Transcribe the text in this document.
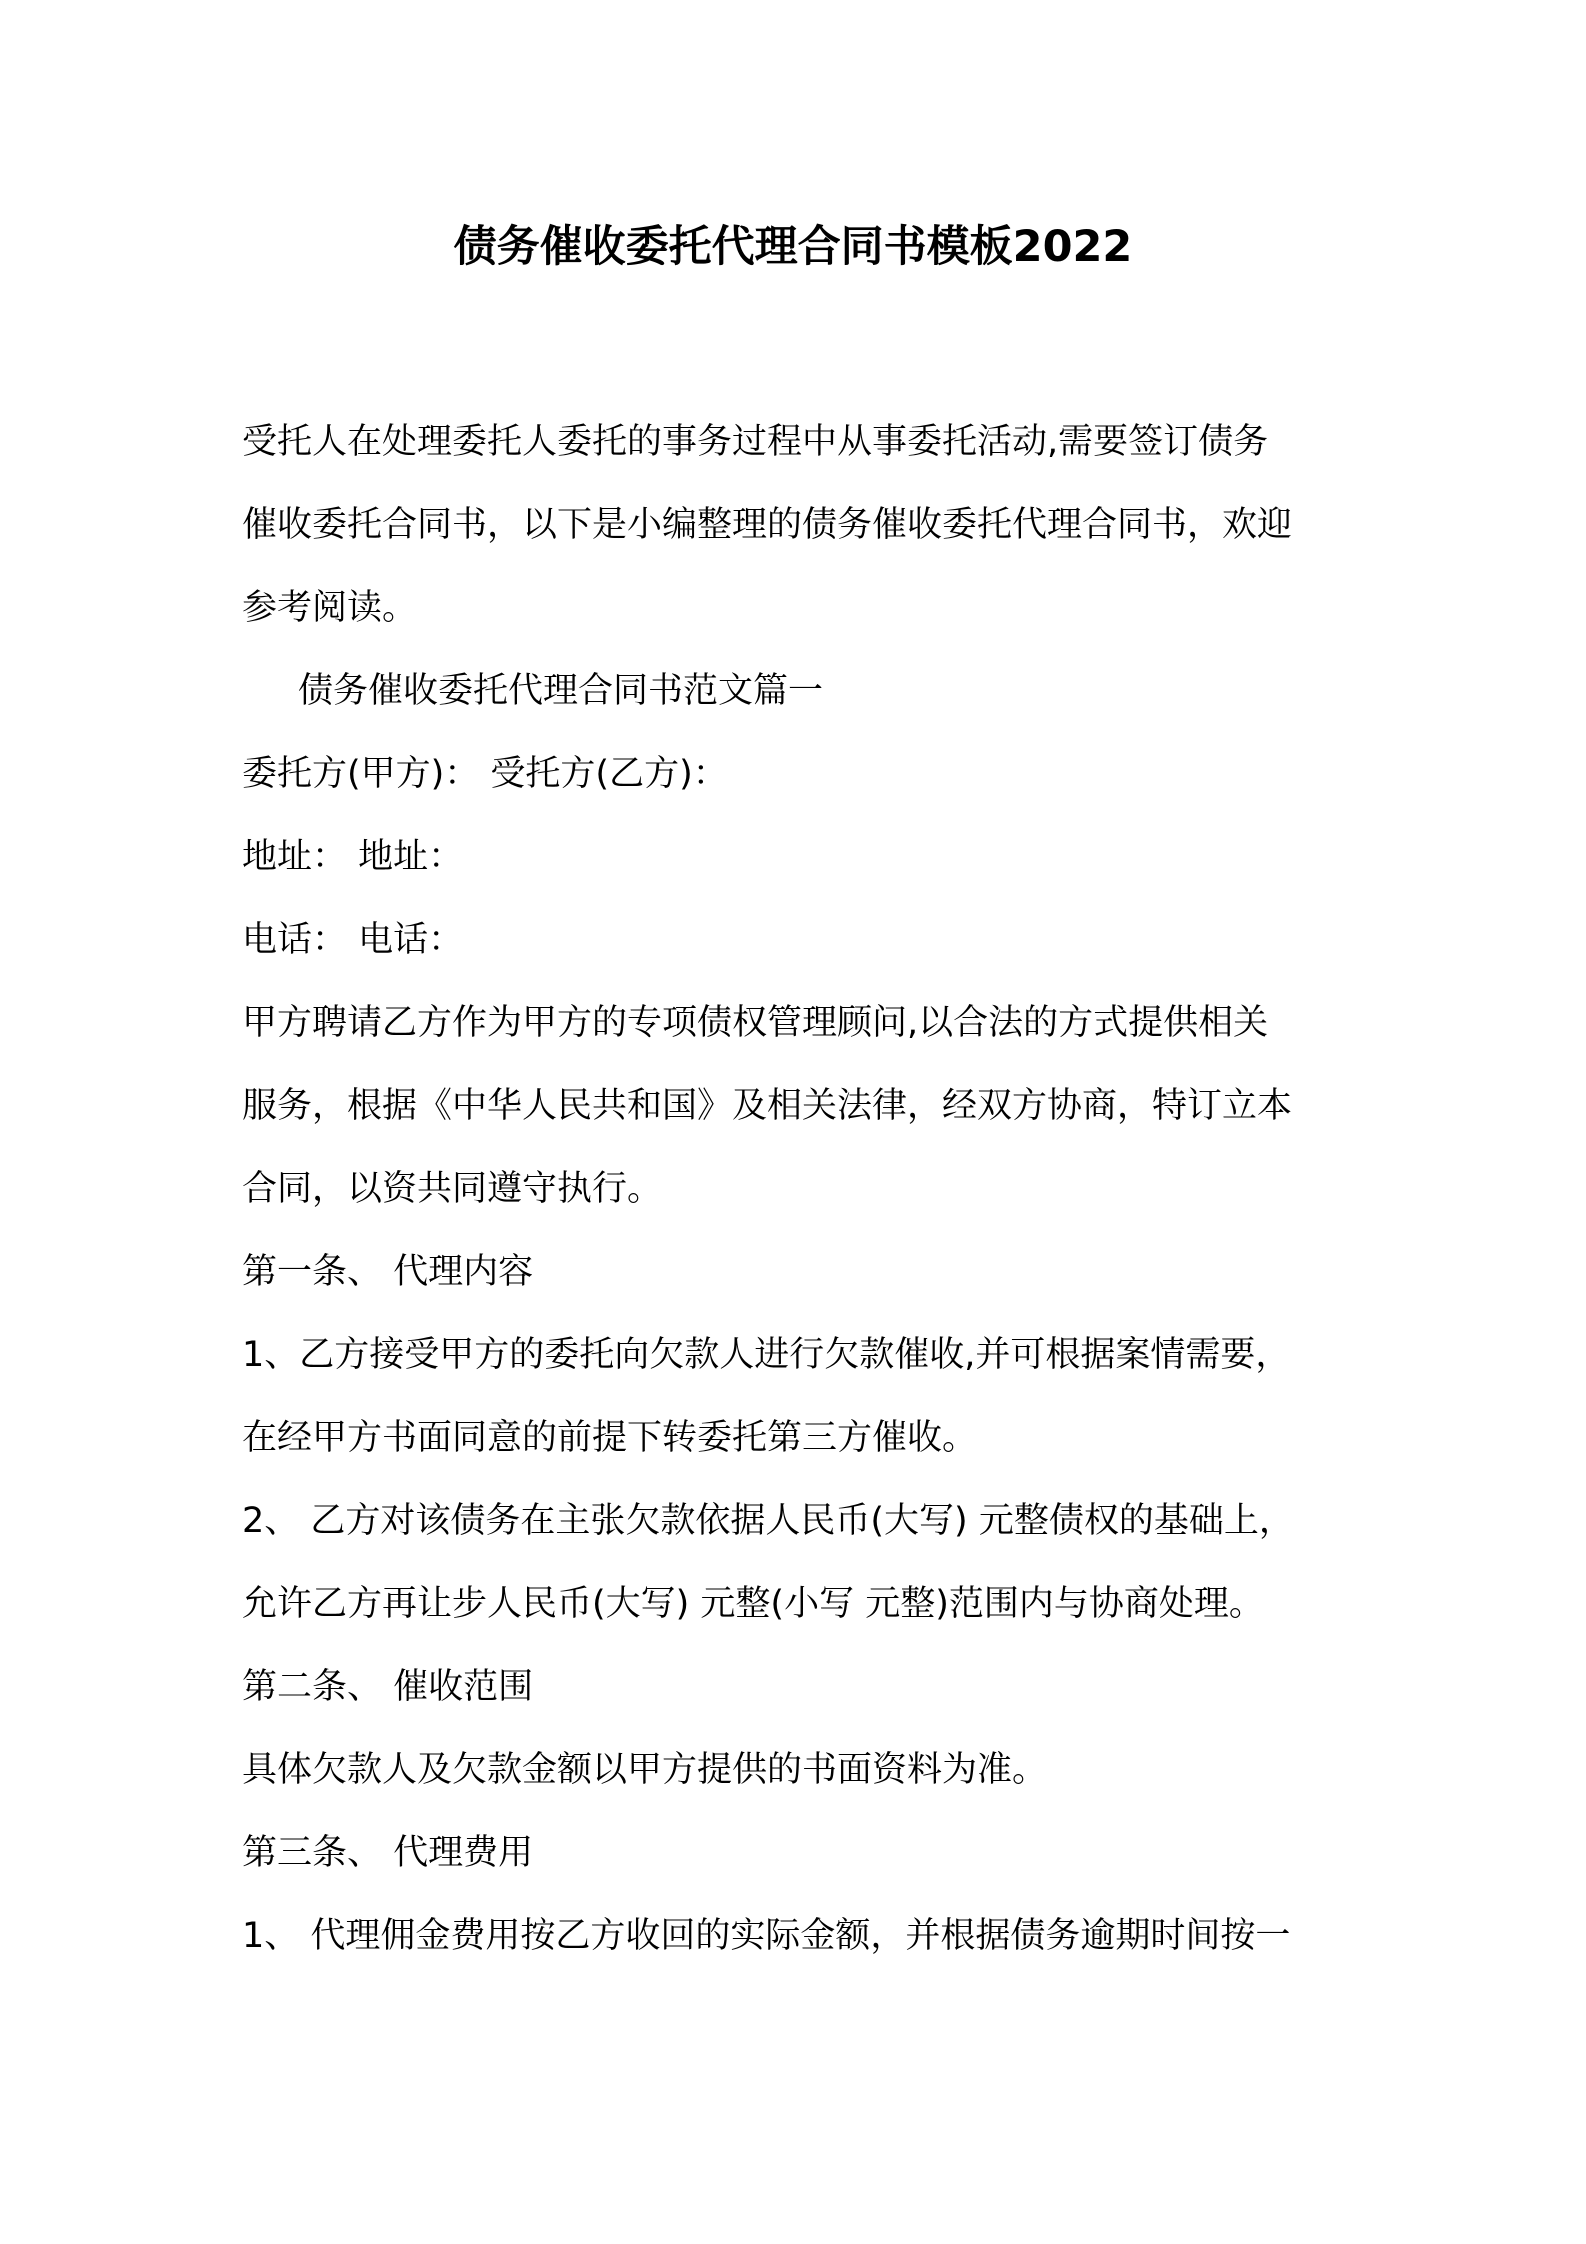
债务催收委托代理合同书模板2022
受托人在处理委托人委托的事务过程中从事委托活动,需要签订债务
催收委托合同书，以下是小编整理的债务催收委托代理合同书，欢迎
参考阅读。
债务催收委托代理合同书范文篇一
委托方(甲方)： 受托方(乙方)：
地址： 地址：
电话： 电话：
甲方聘请乙方作为甲方的专项债权管理顾问,以合法的方式提供相关
服务，根据《中华人民共和国》及相关法律，经双方协商，特订立本
合同，以资共同遵守执行。
第一条、 代理内容
1、乙方接受甲方的委托向欠款人进行欠款催收,并可根据案情需要，
在经甲方书面同意的前提下转委托第三方催收。
2、 乙方对该债务在主张欠款依据人民币(大写) 元整债权的基础上，
允许乙方再让步人民币(大写) 元整(小写 元整)范围内与协商处理。
第二条、 催收范围
具体欠款人及欠款金额以甲方提供的书面资料为准。
第三条、 代理费用
1、 代理佣金费用按乙方收回的实际金额，并根据债务逾期时间按一
